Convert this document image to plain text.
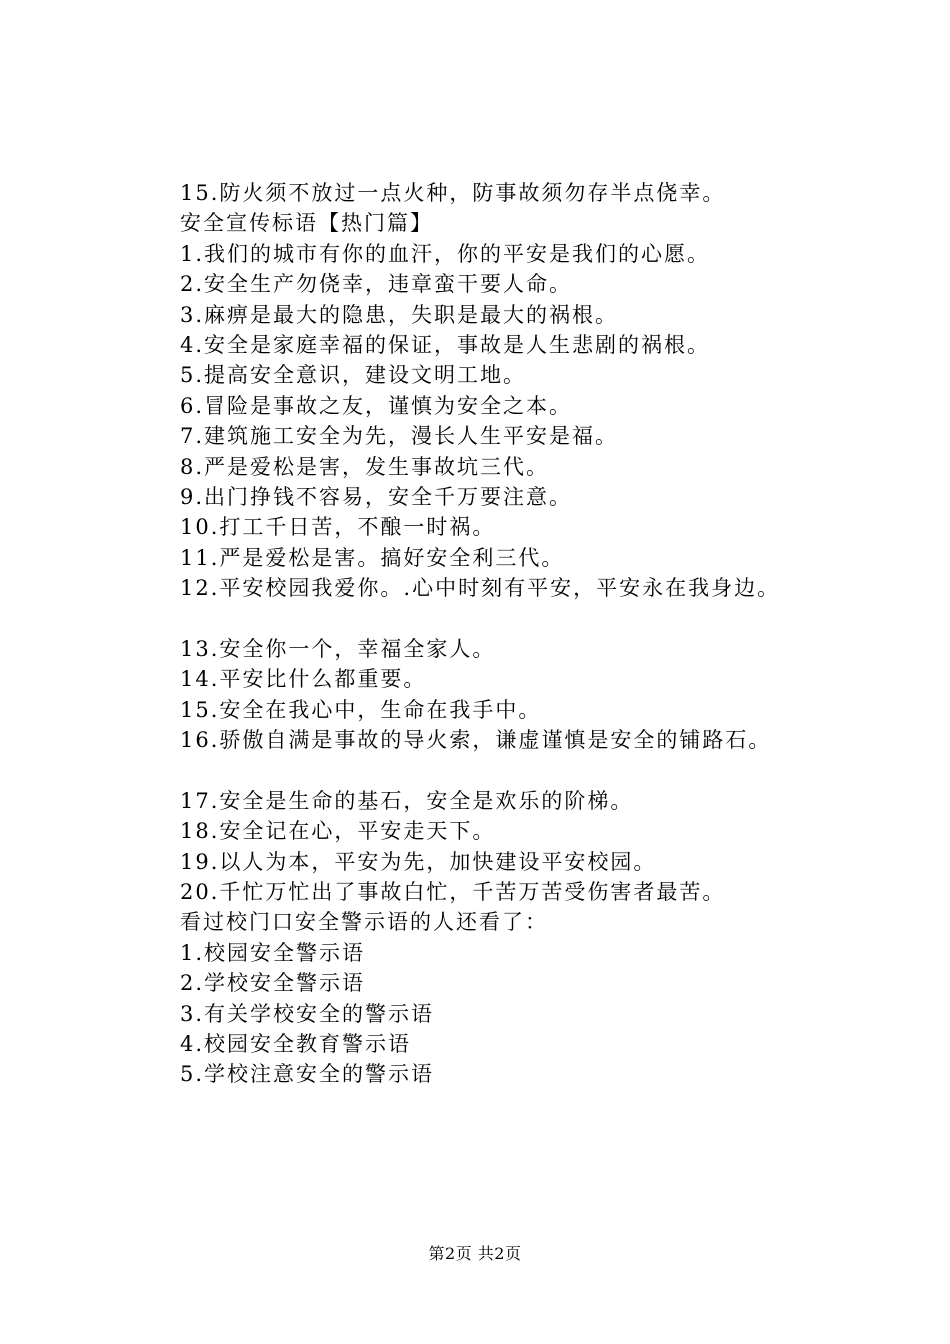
15.防火须不放过一点火种，防事故须勿存半点侥幸。
安全宣传标语【热门篇】
1.我们的城市有你的血汗，你的平安是我们的心愿。
2.安全生产勿侥幸，违章蛮干要人命。
3.麻痹是最大的隐患，失职是最大的祸根。
4.安全是家庭幸福的保证，事故是人生悲剧的祸根。
5.提高安全意识，建设文明工地。
6.冒险是事故之友，谨慎为安全之本。
7.建筑施工安全为先，漫长人生平安是福。
8.严是爱松是害，发生事故坑三代。
9.出门挣钱不容易，安全千万要注意。
10.打工千日苦，不酿一时祸。
11.严是爱松是害。搞好安全利三代。
12.平安校园我爱你。.心中时刻有平安，平安永在我身边。
13.安全你一个，幸福全家人。
14.平安比什么都重要。
15.安全在我心中，生命在我手中。
16.骄傲自满是事故的导火索，谦虚谨慎是安全的铺路石。
17.安全是生命的基石，安全是欢乐的阶梯。
18.安全记在心，平安走天下。
19.以人为本，平安为先，加快建设平安校园。
20.千忙万忙出了事故白忙，千苦万苦受伤害者最苦。
看过校门口安全警示语的人还看了：
1.校园安全警示语
2.学校安全警示语
3.有关学校安全的警示语
4.校园安全教育警示语
5.学校注意安全的警示语
第2页 共2页
